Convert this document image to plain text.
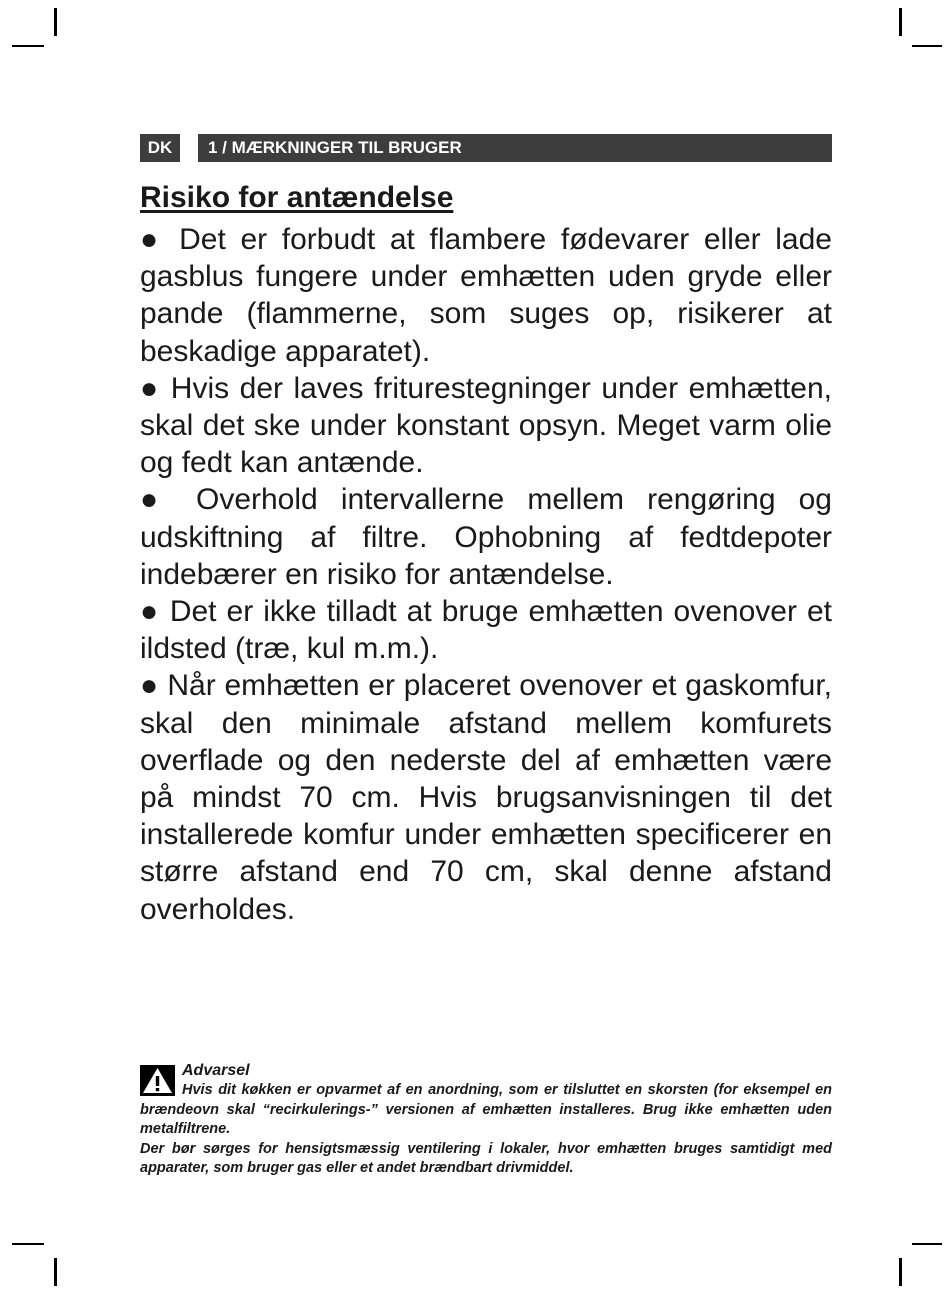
DK	1 / MÆRKNINGER TIL BRUGER
Risiko for antændelse

● Det er forbudt at flambere fødevarer eller lade gasblus fungere under emhætten uden gryde eller pande (flammerne, som suges op, risikerer at beskadige apparatet).

● Hvis der laves friturestegninger under emhætten, skal det ske under konstant opsyn. Meget varm olie og fedt kan antænde.

● Overhold intervallerne mellem rengøring og udskiftning af filtre. Ophobning af fedtdepoter indebærer en risiko for antændelse.

● Det er ikke tilladt at bruge emhætten ovenover et ildsted (træ, kul m.m.).

● Når emhætten er placeret ovenover et gaskomfur, skal den minimale afstand mellem komfurets overflade og den nederste del af emhætten være på mindst 70 cm. Hvis brugsanvisningen til det installerede komfur under emhætten specificerer en større afstand end 70 cm, skal denne afstand overholdes.

Advarsel

Hvis dit køkken er opvarmet af en anordning, som er tilsluttet en skorsten (for eksempel en brændeovn skal “recirkulerings-” versionen af emhætten installeres. Brug ikke emhætten uden metalfiltrene.

Der bør sørges for hensigtsmæssig ventilering i lokaler, hvor emhætten bruges samtidigt med apparater, som bruger gas eller et andet brændbart drivmiddel.
